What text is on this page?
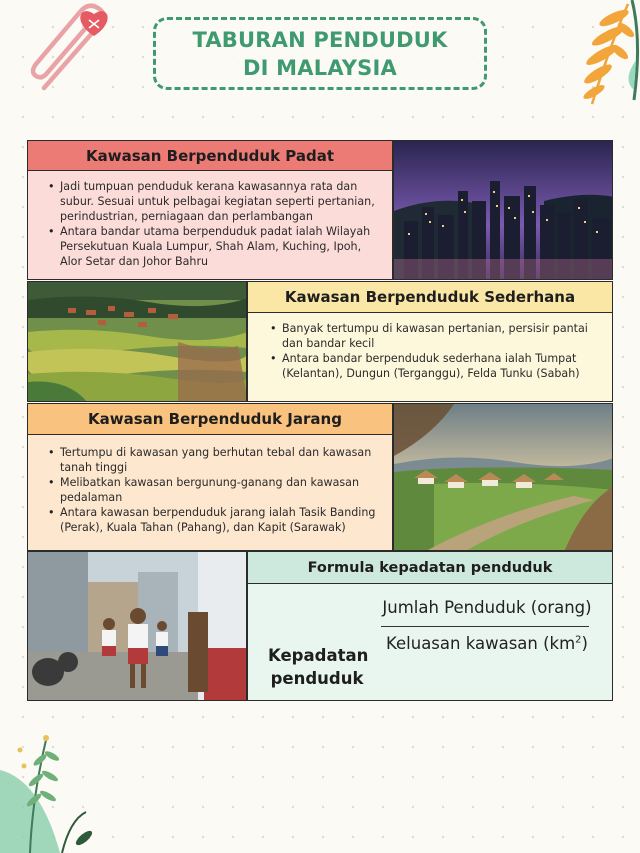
TABURAN PENDUDUK
DI MALAYSIA
Kawasan Berpenduduk Padat
• Jadi tumpuan penduduk kerana kawasannya rata dan subur. Sesuai untuk pelbagai kegiatan seperti pertanian, perindustrian, perniagaan dan perlambangan
• Antara bandar utama berpenduduk padat ialah Wilayah Persekutuan Kuala Lumpur, Shah Alam, Kuching, Ipoh, Alor Setar dan Johor Bahru
Kawasan Berpenduduk Sederhana
• Banyak tertumpu di kawasan pertanian, persisir pantai dan bandar kecil
• Antara bandar berpenduduk sederhana ialah Tumpat (Kelantan), Dungun (Terganggu), Felda Tunku (Sabah)
Kawasan Berpenduduk Jarang
• Tertumpu di kawasan yang berhutan tebal dan kawasan tanah tinggi
• Melibatkan kawasan bergunung-ganang dan kawasan pedalaman
• Antara kawasan berpenduduk jarang ialah Tasik Banding (Perak), Kuala Tahan (Pahang), dan Kapit (Sarawak)
Formula kepadatan penduduk
Kepadatan
penduduk
Jumlah Penduduk (orang)
Keluasan kawasan $(km^2)$
